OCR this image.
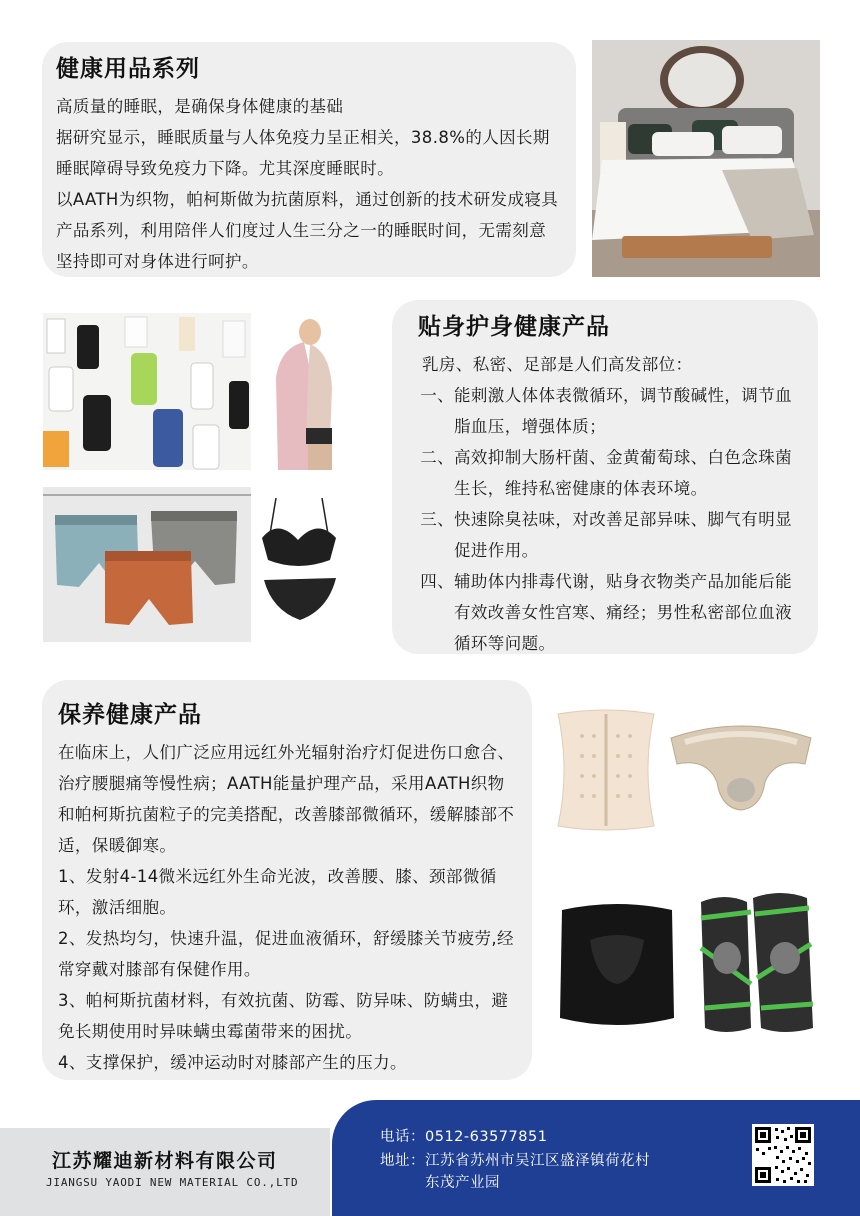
健康用品系列

高质量的睡眠，是确保身体健康的基础

据研究显示，睡眠质量与人体免疫力呈正相关，38.8%的人因长期睡眠障碍导致免疫力下降。尤其深度睡眠时。

以AATH为织物，帕柯斯做为抗菌原料，通过创新的技术研发成寝具产品系列，利用陪伴人们度过人生三分之一的睡眠时间，无需刻意坚持即可对身体进行呵护。

贴身护身健康产品

乳房、私密、足部是人们高发部位：

一、 能刺激人体体表微循环，调节酸碱性，调节血脂血压，增强体质；
二、 高效抑制大肠杆菌、金黄葡萄球、白色念珠菌生长，维持私密健康的体表环境。
三、 快速除臭祛味，对改善足部异味、脚气有明显促进作用。
四、 辅助体内排毒代谢，贴身衣物类产品加能后能有效改善女性宫寒、痛经；男性私密部位血液循环等问题。
保养健康产品

在临床上，人们广泛应用远红外光辐射治疗灯促进伤口愈合、治疗腰腿痛等慢性病；AATH能量护理产品，采用AATH织物和帕柯斯抗菌粒子的完美搭配，改善膝部微循环，缓解膝部不适，保暖御寒。

1、发射4-14微米远红外生命光波，改善腰、膝、颈部微循环，激活细胞。

2、发热均匀，快速升温，促进血液循环，舒缓膝关节疲劳,经常穿戴对膝部有保健作用。

3、帕柯斯抗菌材料，有效抗菌、防霉、防异味、防螨虫，避免长期使用时异味螨虫霉菌带来的困扰。

4、支撑保护，缓冲运动时对膝部产生的压力。

江苏耀迪新材料有限公司
JIANGSU YAODI NEW MATERIAL CO.,LTD
电话：0512-63577851
地址： 江苏省苏州市吴江区盛泽镇荷花村
东茂产业园
